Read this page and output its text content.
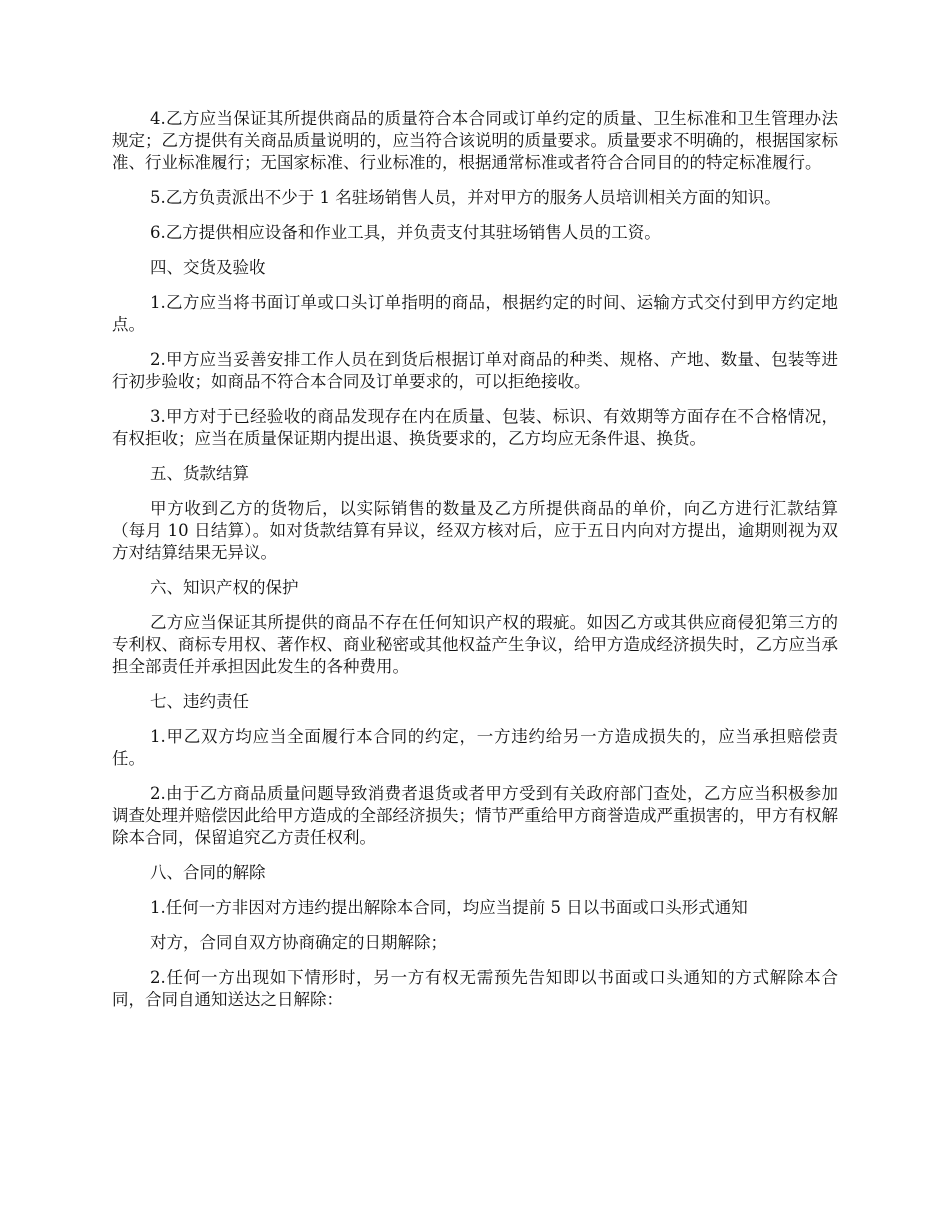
4.乙方应当保证其所提供商品的质量符合本合同或订单约定的质量、卫生标准和卫生管理办法规定；乙方提供有关商品质量说明的，应当符合该说明的质量要求。质量要求不明确的，根据国家标准、行业标准履行；无国家标准、行业标准的，根据通常标准或者符合合同目的的特定标准履行。

5.乙方负责派出不少于 1 名驻场销售人员，并对甲方的服务人员培训相关方面的知识。

6.乙方提供相应设备和作业工具，并负责支付其驻场销售人员的工资。

四、交货及验收

1.乙方应当将书面订单或口头订单指明的商品，根据约定的时间、运输方式交付到甲方约定地点。

2.甲方应当妥善安排工作人员在到货后根据订单对商品的种类、规格、产地、数量、包装等进行初步验收；如商品不符合本合同及订单要求的，可以拒绝接收。

3.甲方对于已经验收的商品发现存在内在质量、包装、标识、有效期等方面存在不合格情况，有权拒收；应当在质量保证期内提出退、换货要求的，乙方均应无条件退、换货。

五、货款结算

甲方收到乙方的货物后，以实际销售的数量及乙方所提供商品的单价，向乙方进行汇款结算（每月 10 日结算）。如对货款结算有异议，经双方核对后，应于五日内向对方提出，逾期则视为双方对结算结果无异议。

六、知识产权的保护

乙方应当保证其所提供的商品不存在任何知识产权的瑕疵。如因乙方或其供应商侵犯第三方的专利权、商标专用权、著作权、商业秘密或其他权益产生争议，给甲方造成经济损失时，乙方应当承担全部责任并承担因此发生的各种费用。

七、违约责任

1.甲乙双方均应当全面履行本合同的约定，一方违约给另一方造成损失的，应当承担赔偿责任。

2.由于乙方商品质量问题导致消费者退货或者甲方受到有关政府部门查处，乙方应当积极参加调查处理并赔偿因此给甲方造成的全部经济损失；情节严重给甲方商誉造成严重损害的，甲方有权解除本合同，保留追究乙方责任权利。

八、合同的解除

1.任何一方非因对方违约提出解除本合同，均应当提前 5 日以书面或口头形式通知

对方，合同自双方协商确定的日期解除；

2.任何一方出现如下情形时，另一方有权无需预先告知即以书面或口头通知的方式解除本合同，合同自通知送达之日解除：
